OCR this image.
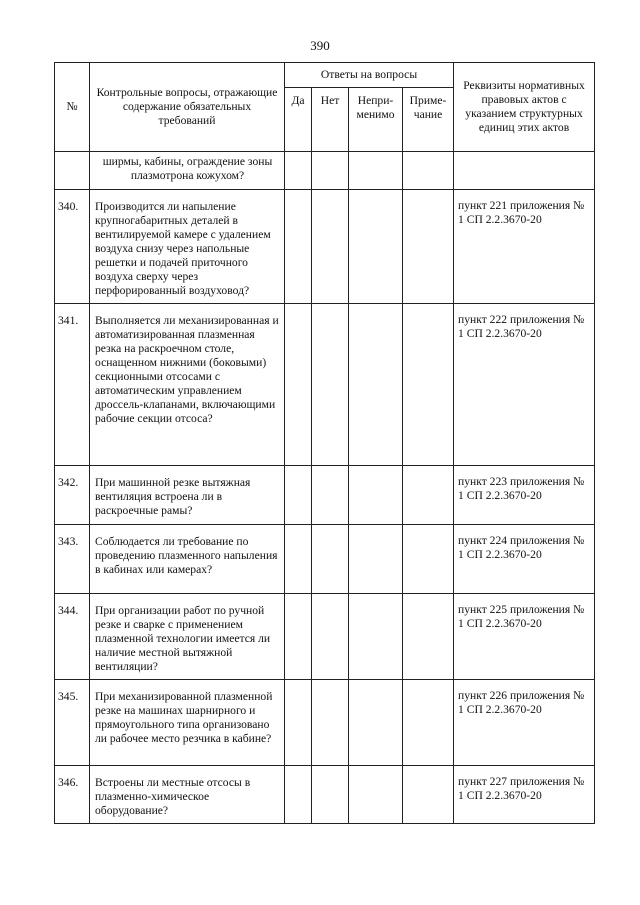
390
№	Контрольные вопросы, отражающие содержание обязательных требований	Ответы на вопросы				Реквизиты нормативных правовых актов с указанием структурных единиц этих актов
		Да	Нет	Непри-менимо	Приме-чание	
	ширмы, кабины, ограждение зоны плазмотрона кожухом?					
340.	Производится ли напыление крупногабаритных деталей в вентилируемой камере с удалением воздуха снизу через напольные решетки и подачей приточного воздуха сверху через перфорированный воздуховод?					пункт 221 приложения № 1 СП 2.2.3670-20
341.	Выполняется ли механизированная и автоматизированная плазменная резка на раскроечном столе, оснащенном нижними (боковыми) секционными отсосами с автоматическим управлением дроссель-клапанами, включающими рабочие секции отсоса?					пункт 222 приложения № 1 СП 2.2.3670-20
342.	При машинной резке вытяжная вентиляция встроена ли в раскроечные рамы?					пункт 223 приложения № 1 СП 2.2.3670-20
343.	Соблюдается ли требование по проведению плазменного напыления в кабинах или камерах?					пункт 224 приложения № 1 СП 2.2.3670-20
344.	При организации работ по ручной резке и сварке с применением плазменной технологии имеется ли наличие местной вытяжной вентиляции?					пункт 225 приложения № 1 СП 2.2.3670-20
345.	При механизированной плазменной резке на машинах шарнирного и прямоугольного типа организовано ли рабочее место резчика в кабине?					пункт 226 приложения № 1 СП 2.2.3670-20
346.	Встроены ли местные отсосы в плазменно-химическое оборудование?					пункт 227 приложения № 1 СП 2.2.3670-20
